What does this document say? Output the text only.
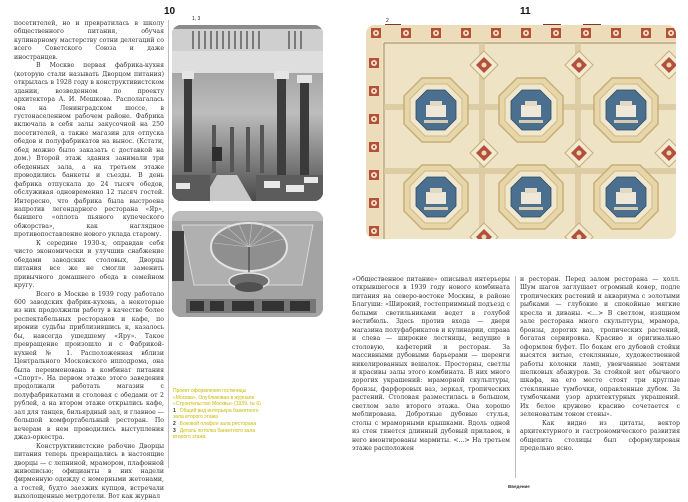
10

посетителей, но и превратилась в школу общественного питания, обучая кулинарному мастерству сотни делегаций со всего Советского Союза и даже иностранцев.

В Москве первая фабрика-кухня (которую стали называть Дворцом питания) открылась в 1928 году в конструктивистском здании, возведенном по проекту архитектора А. И. Мешкова. Располагалась она на Ленинградском шоссе, в густонаселенном рабочем районе. Фабрика включала в себя залы закусочной на 250 посетителей, а также магазин для отпуска обедов и полуфабрикатов на вынос. (Кстати, обед можно было заказать с доставкой на дом.) Второй этаж здания занимали три обеденных зала, а на третьем этаже проводились банкеты и съезды. В день фабрика отпускала до 24 тысяч обедов, обслуживая одновременно 12 тысяч гостей. Интересно, что фабрика была выстроена напротив легендарного ресторана «Яр», бывшего «оплота пьяного купеческого обжорства», как наглядное противопоставление нового уклада старому.

К середине 1930-х, оправдав себя чисто экономически и улучшив снабжение обедами заводских столовых, Дворцы питания все же не смогли заменить привычного домашнего обеда в семейном кругу.

Всего в Москве в 1939 году работало 600 заводских фабрик-кухонь, а некоторые из них продолжили работу в качестве более респектабельных ресторанов и кафе, по иронии судьбы приблизившись к, казалось бы, навсегда ушедшему «Яру». Такое превращение произошло и с Фабрикой-кухней № 1. Расположенная вблизи Центрального Московского ипподрома, она была переименована в комбинат питания «Спорт». На первом этаже этого заведения продолжали работать магазин с полуфабрикатами и столовая с обедами от 2 рублей, а на втором этаже открылись кафе, зал для танцев, бильярдный зал, и главное — большой комфортабельный ресторан. По вечерам в нем проводились выступления джаз-оркестра.

Конструктивистские рабочие Дворцы питания теперь превращались в настоящие дворцы — с лепниной, мрамором, плафонной живописью; официанты в них надели фирменную одежду с номерными жетонами, а гостей, будто заезжих купцов, встречали выхолощенные метрдотели. Вот как журнал

1, 3
Проект оформления гостиницы «Москва». Опубликован в журнале «Строительство Москвы» (1939. № 6)
1 Общий вид интерьера банкетного зала второго этажа
2 Боковой плафон зала ресторана
3 Деталь потолка банкетного зала второго этажа
11
2

«Общественное питание» описывал интерьеры открывшегося в 1939 году нового комбината питания на северо-востоке Москвы, в районе Благуши: «Широкий, гостеприимный подъезд с белыми светильниками ведет в голубой вестибюль. Здесь против входа — двери магазина полуфабрикатов и кулинарии, справа и слева — широкие лестницы, ведущие в столовую, кафетерий и ресторан. За массивными дубовыми барьерами — шеренги никелированных вешалок. Просторны, светлы и красивы залы этого комбината. В них много дорогих украшений: мраморной скульптуры, бронзы, фарфоровых ваз, зеркал, тропических растений. Столовая разместилась в большом, светлом зале второго этажа. Она хорошо меблирована. Добротные дубовые стулья, столы с мраморными крышками. Вдоль одной из стен тянется длинный дубовый прилавок, в него вмонтированы мармиты. <...> На третьем этаже расположен

и ресторан. Перед залом ресторана — холл. Шум шагов заглушает огромный ковер, подле тропических растений и аквариума с золотыми рыбками — глубокие и спокойные мягкие кресла и диваны. <...> В светлом, изящном зале ресторана много скульптуры, мрамора, бронзы, дорогих ваз, тропических растений, богатая сервировка. Красиво и оригинально оформлен буфет. По бокам его дубовой стойки высятся витые, стеклянные, художественной работы колонки ламп, увенчанные зонтами шелковых абажуров. За стойкой нет обычного шкафа, на его месте стоят три круглые стеклянные тумбочки, оправленные дубом. За тумбочками узор архитектурных украшений. Их белое кружево красиво сочетается с зеленоватым тоном стены».

Как видно из цитаты, вектор архитектурного и гастрономического развития общепита столицы был сформулирован предельно ясно.

Введение
